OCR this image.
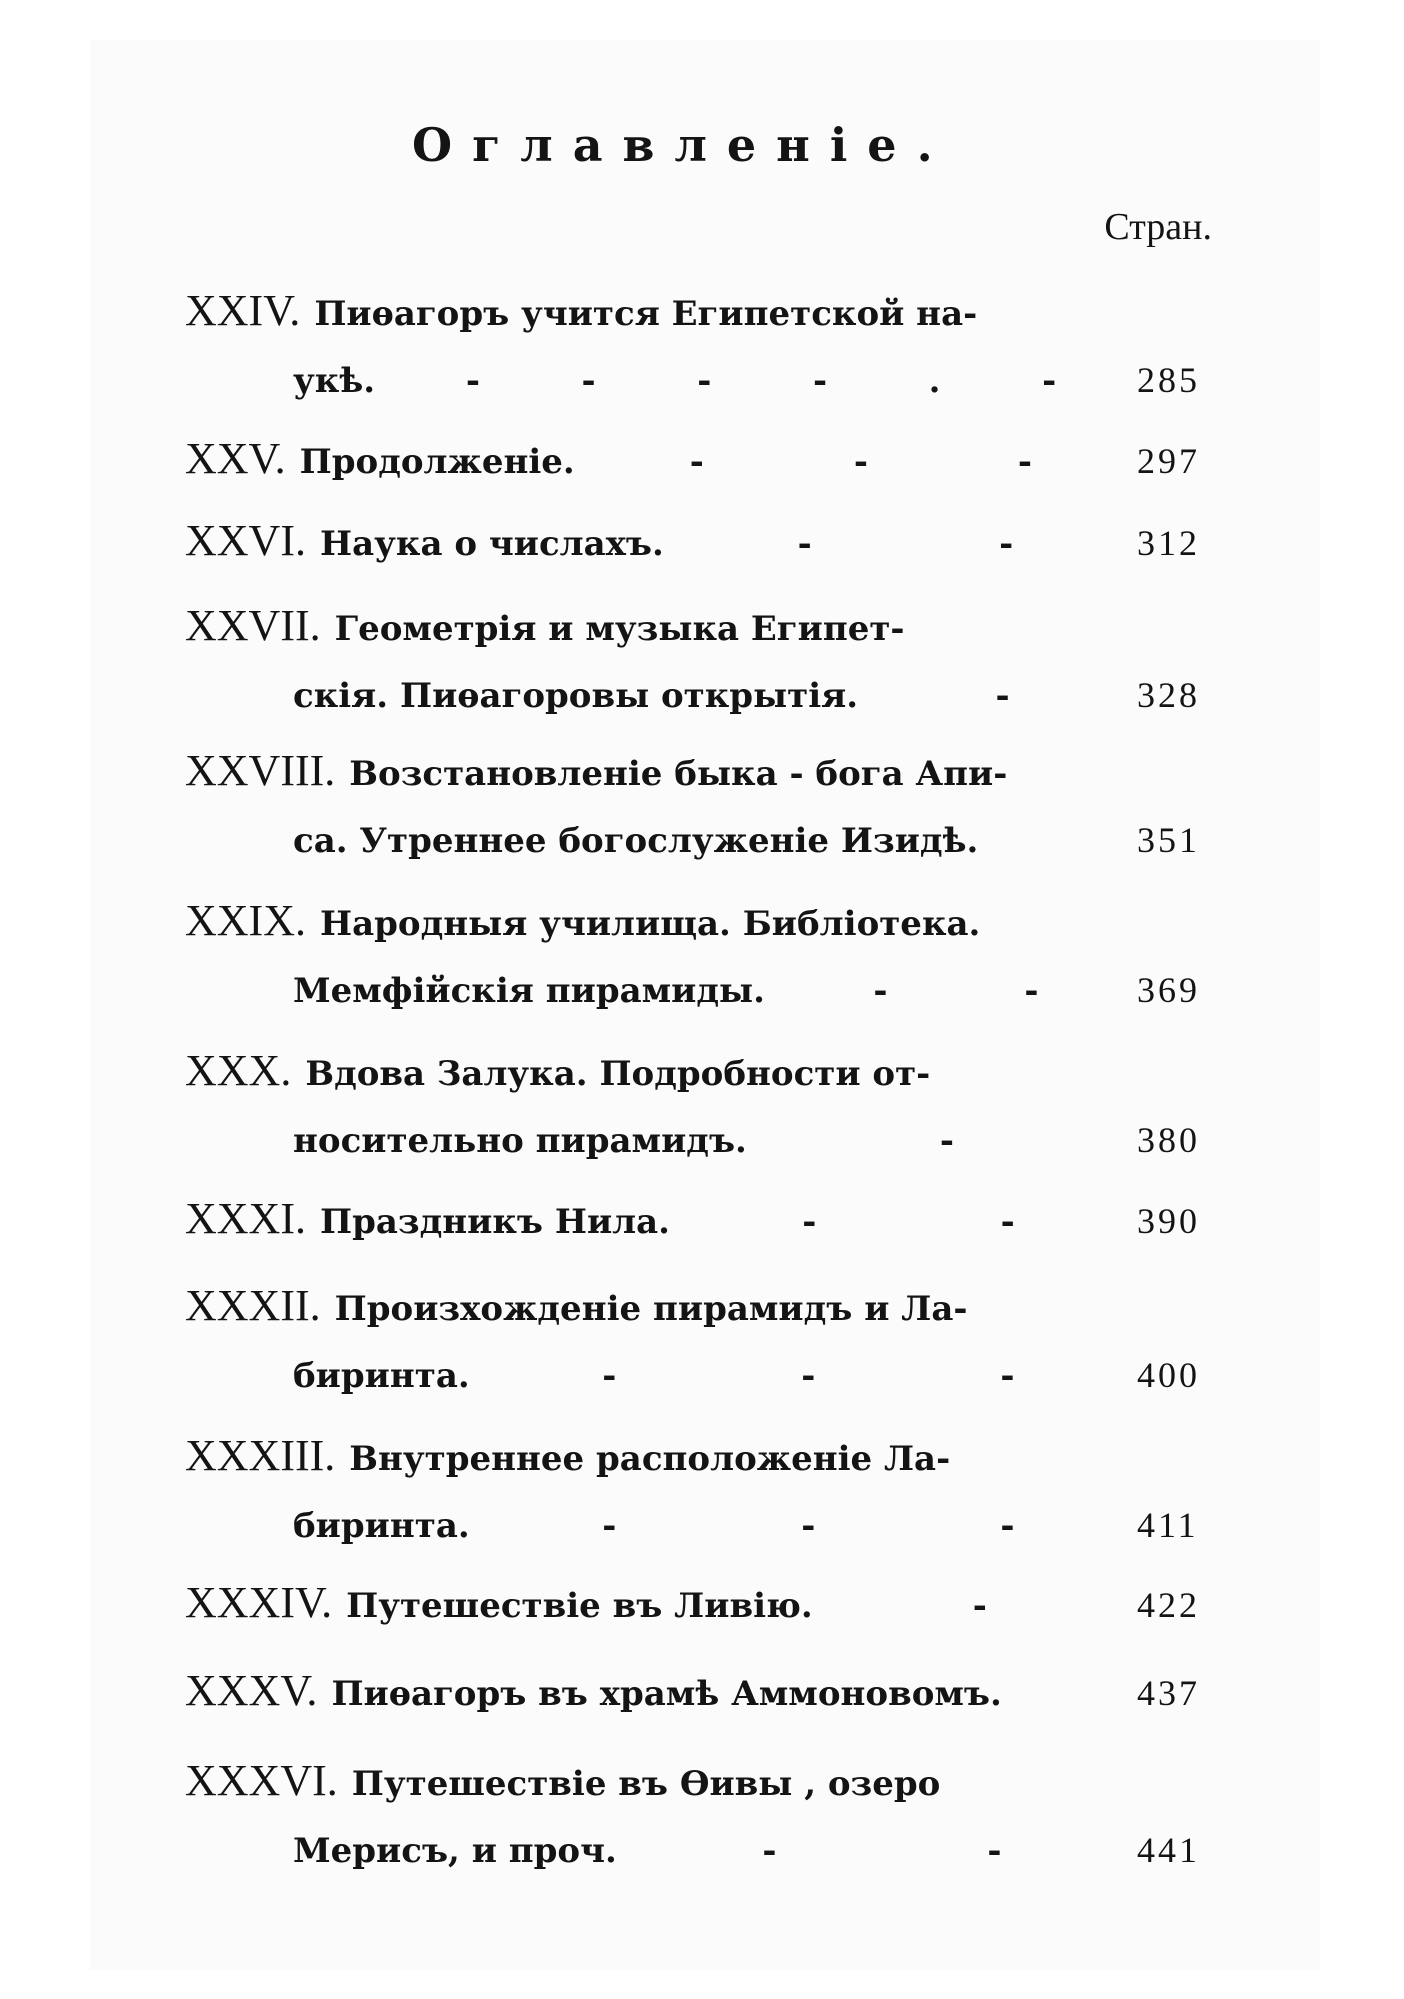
Оглавленіе.
Стран.
XXIV. Пиѳагоръ учится Египетской на-
укѣ.	-	-	-	-	.	- 285
XXV. Продолженіе.	-	-	-	297
XXVI. Наука о числахъ.	-	-	312
XXVII. Геометрія и музыка Египет-
скія. Пиѳагоровы открытія.	-	328
XXVIII. Возстановленіе быка - бога Апи-
са. Утреннее богослуженіе Изидѣ.	351
XXIX. Народныя училища. Библіотека.
Мемфійскія пирамиды.	-	-	369
XXX. Вдова Залука. Подробности от-
носительно пирамидъ.	-	380
XXXI. Праздникъ Нила.	-	-	390
XXXII. Произхожденіе пирамидъ и Ла-
биринта.	-	-	-	400
XXXIII. Внутреннее расположеніе Ла-
биринта.	-	-	-	411
XXXIV. Путешествіе въ Ливію.	-	422
XXXV. Пиѳагоръ въ храмѣ Аммоновомъ.	437
XXXVI. Путешествіе въ Ѳивы , озеро
Мерисъ, и проч.	-	-	441
